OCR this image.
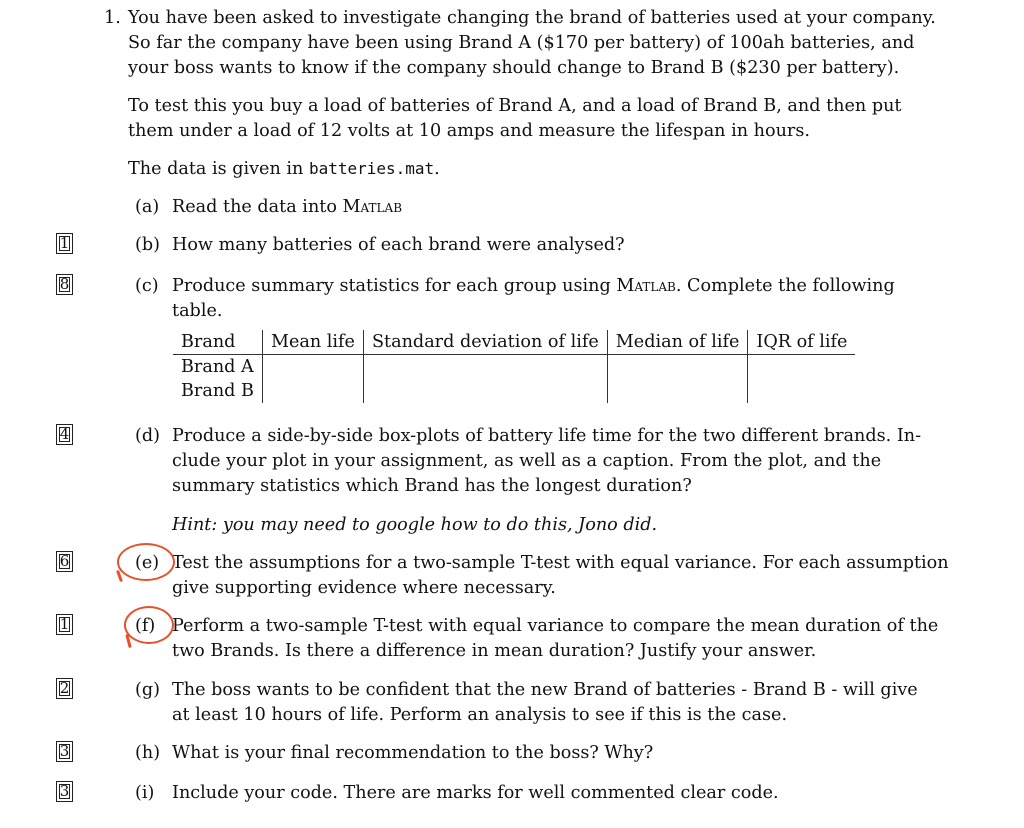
1. You have been asked to investigate changing the brand of batteries used at your company.
So far the company have been using Brand A ($170 per battery) of 100ah batteries, and
your boss wants to know if the company should change to Brand B ($230 per battery).
To test this you buy a load of batteries of Brand A, and a load of Brand B, and then put
them under a load of 12 volts at 10 amps and measure the lifespan in hours.
The data is given in batteries.mat.
(a) Read the data into Matlab
1	(b) How many batteries of each brand were analysed?
8	(c) Produce summary statistics for each group using Matlab. Complete the following
table.
Brand	Mean life	Standard deviation of life	Median of life	IQR of life
Brand A				
Brand B				
4	(d) Produce a side-by-side box-plots of battery life time for the two different brands. In-
clude your plot in your assignment, as well as a caption. From the plot, and the
summary statistics which Brand has the longest duration?
Hint: you may need to google how to do this, Jono did.
6	(e) Test the assumptions for a two-sample T-test with equal variance. For each assumption
give supporting evidence where necessary.
1	(f) Perform a two-sample T-test with equal variance to compare the mean duration of the
two Brands. Is there a difference in mean duration? Justify your answer.
2	(g) The boss wants to be confident that the new Brand of batteries - Brand B - will give
at least 10 hours of life. Perform an analysis to see if this is the case.
3	(h) What is your final recommendation to the boss? Why?
3	(i) Include your code. There are marks for well commented clear code.
